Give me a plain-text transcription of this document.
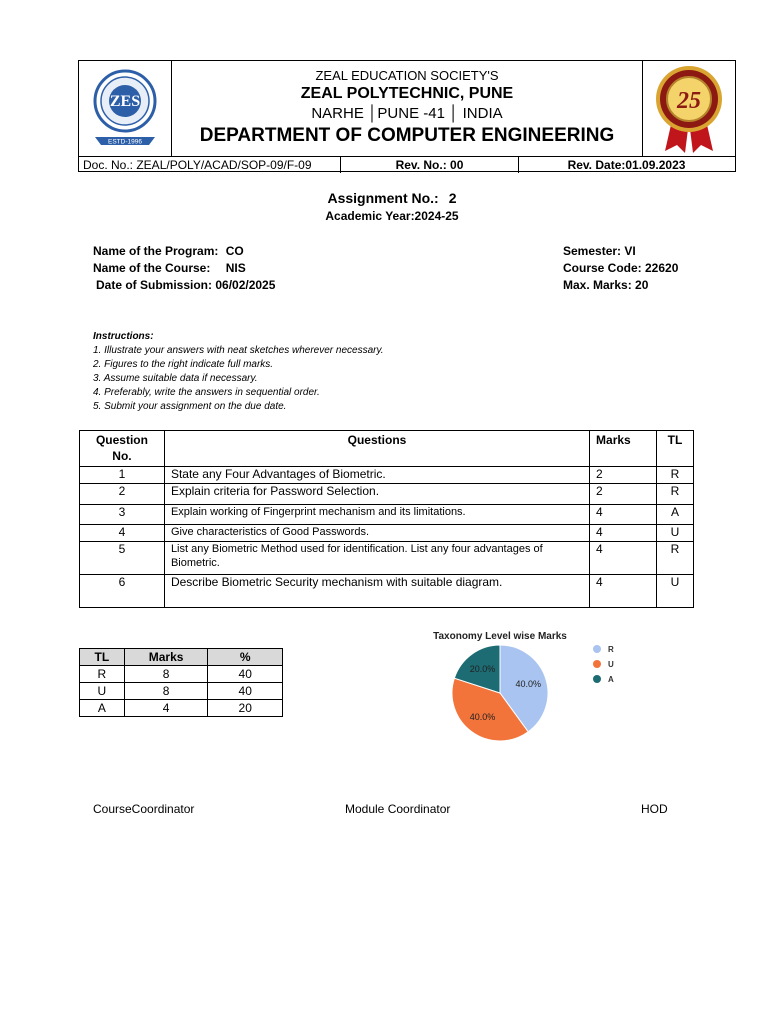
ZES
ESTD-1996
ZEAL EDUCATION SOCIETY'S
ZEAL POLYTECHNIC, PUNE
NARHE │PUNE -41 │ INDIA
DEPARTMENT OF COMPUTER ENGINEERING
25
Doc. No.: ZEAL/POLY/ACAD/SOP-09/F-09	Rev. No.: 00	Rev. Date:01.09.2023
Assignment No.: 2
Academic Year:2024-25
Name of the Program: CO
Name of the Course: NIS
Date of Submission: 06/02/2025
Semester: VI
Course Code: 22620
Max. Marks: 20
Instructions:
1. Illustrate your answers with neat sketches wherever necessary.
2. Figures to the right indicate full marks.
3. Assume suitable data if necessary.
4. Preferably, write the answers in sequential order.
5. Submit your assignment on the due date.
Question No.	Questions	Marks	TL
1	State any Four Advantages of Biometric.	2	R
2	Explain criteria for Password Selection.	2	R
3	Explain working of Fingerprint mechanism and its limitations.	4	A
4	Give characteristics of Good Passwords.	4	U
5	List any Biometric Method used for identification. List any four advantages of Biometric.	4	R
6	Describe Biometric Security mechanism with suitable diagram.	4	U
TL	Marks	%
R	8	40
U	8	40
A	4	20
Taxonomy Level wise Marks
40.0%
40.0%
20.0%
R
U
A
CourseCoordinator	Module Coordinator	HOD
